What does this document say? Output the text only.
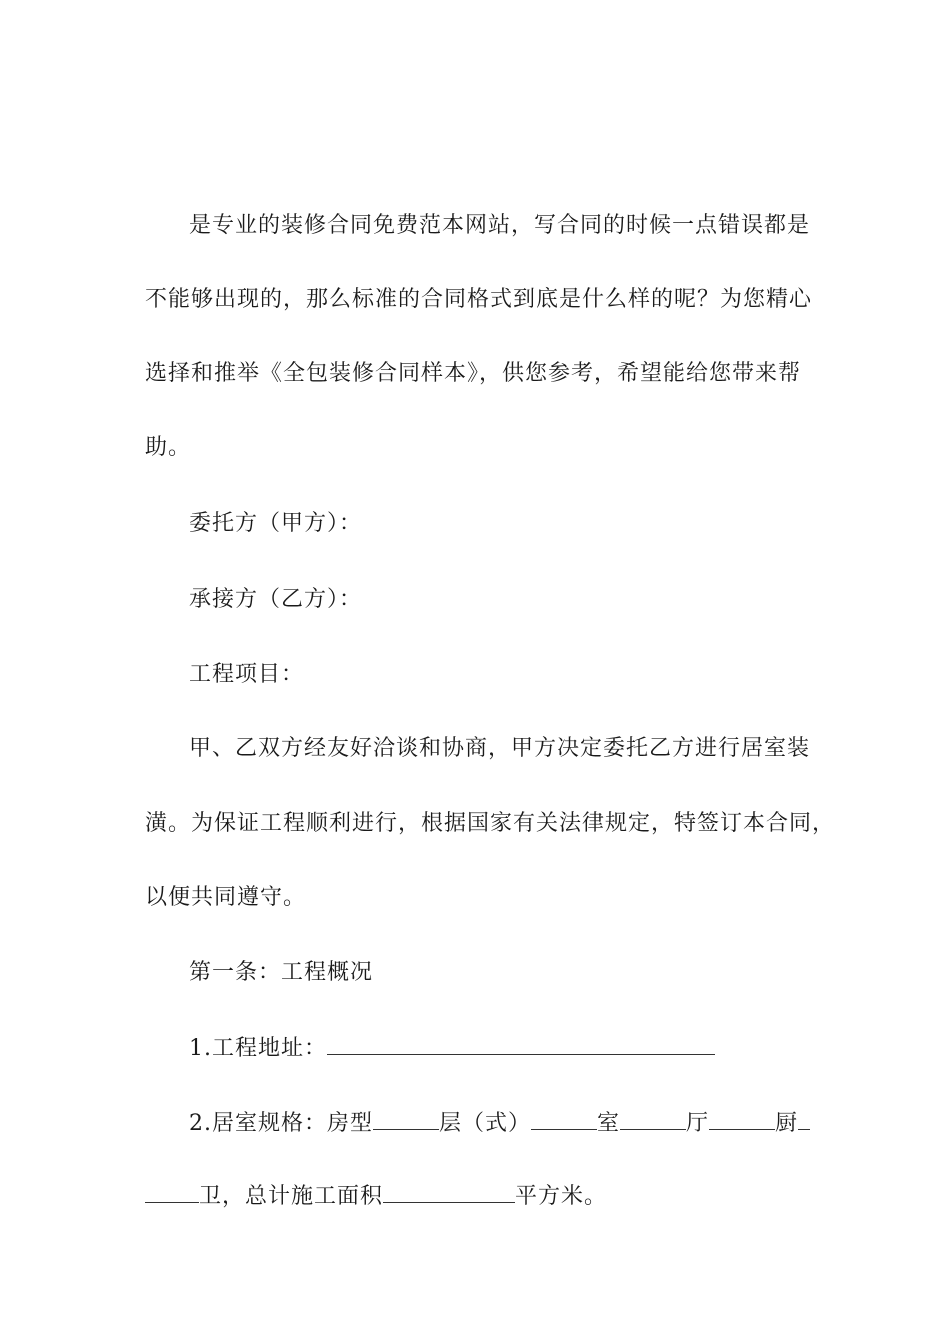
是专业的装修合同免费范本网站，写合同的时候一点错误都是
不能够出现的，那么标准的合同格式到底是什么样的呢？为您精心
选择和推举《全包装修合同样本》，供您参考，希望能给您带来帮
助。
委托方（甲方）：
承接方（乙方）：
工程项目：
甲、乙双方经友好洽谈和协商，甲方决定委托乙方进行居室装
潢。为保证工程顺利进行，根据国家有关法律规定，特签订本合同，
以便共同遵守。
第一条：工程概况
1.工程地址：
2.居室规格：房型	层（式）	室	厅	厨
卫，总计施工面积	平方米。
